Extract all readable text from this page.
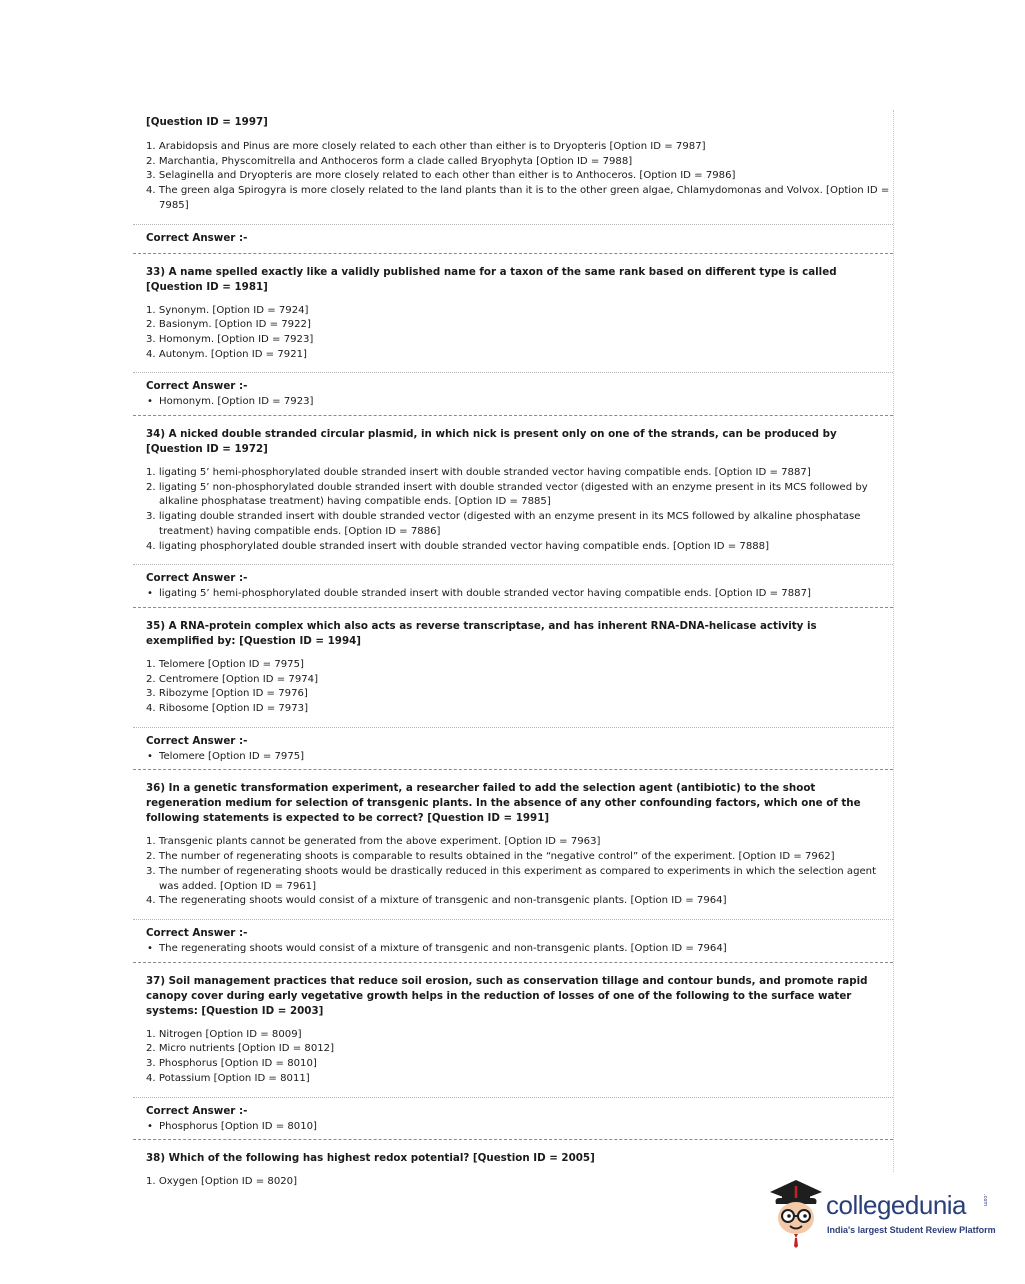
[Question ID = 1997]

1. Arabidopsis and Pinus are more closely related to each other than either is to Dryopteris [Option ID = 7987]
2. Marchantia, Physcomitrella and Anthoceros form a clade called Bryophyta [Option ID = 7988]
3. Selaginella and Dryopteris are more closely related to each other than either is to Anthoceros. [Option ID = 7986]
4. The green alga Spirogyra is more closely related to the land plants than it is to the other green algae, Chlamydomonas and Volvox. [Option ID = 7985]

Correct Answer :-

33) A name spelled exactly like a validly published name for a taxon of the same rank based on different type is called [Question ID = 1981]

1. Synonym. [Option ID = 7924]
2. Basionym. [Option ID = 7922]
3. Homonym. [Option ID = 7923]
4. Autonym. [Option ID = 7921]

Correct Answer :-

• Homonym. [Option ID = 7923]

34) A nicked double stranded circular plasmid, in which nick is present only on one of the strands, can be produced by [Question ID = 1972]

1. ligating 5’ hemi-phosphorylated double stranded insert with double stranded vector having compatible ends. [Option ID = 7887]
2. ligating 5’ non-phosphorylated double stranded insert with double stranded vector (digested with an enzyme present in its MCS followed by alkaline phosphatase treatment) having compatible ends. [Option ID = 7885]
3. ligating double stranded insert with double stranded vector (digested with an enzyme present in its MCS followed by alkaline phosphatase treatment) having compatible ends. [Option ID = 7886]
4. ligating phosphorylated double stranded insert with double stranded vector having compatible ends. [Option ID = 7888]

Correct Answer :-

• ligating 5’ hemi-phosphorylated double stranded insert with double stranded vector having compatible ends. [Option ID = 7887]

35) A RNA-protein complex which also acts as reverse transcriptase, and has inherent RNA-DNA-helicase activity is exemplified by: [Question ID = 1994]

1. Telomere [Option ID = 7975]
2. Centromere [Option ID = 7974]
3. Ribozyme [Option ID = 7976]
4. Ribosome [Option ID = 7973]

Correct Answer :-

• Telomere [Option ID = 7975]

36) In a genetic transformation experiment, a researcher failed to add the selection agent (antibiotic) to the shoot regeneration medium for selection of transgenic plants. In the absence of any other confounding factors, which one of the following statements is expected to be correct? [Question ID = 1991]

1. Transgenic plants cannot be generated from the above experiment. [Option ID = 7963]
2. The number of regenerating shoots is comparable to results obtained in the “negative control” of the experiment. [Option ID = 7962]
3. The number of regenerating shoots would be drastically reduced in this experiment as compared to experiments in which the selection agent was added. [Option ID = 7961]
4. The regenerating shoots would consist of a mixture of transgenic and non-transgenic plants. [Option ID = 7964]

Correct Answer :-

• The regenerating shoots would consist of a mixture of transgenic and non-transgenic plants. [Option ID = 7964]

37) Soil management practices that reduce soil erosion, such as conservation tillage and contour bunds, and promote rapid canopy cover during early vegetative growth helps in the reduction of losses of one of the following to the surface water systems: [Question ID = 2003]

1. Nitrogen [Option ID = 8009]
2. Micro nutrients [Option ID = 8012]
3. Phosphorus [Option ID = 8010]
4. Potassium [Option ID = 8011]

Correct Answer :-

• Phosphorus [Option ID = 8010]

38) Which of the following has highest redox potential? [Question ID = 2005]

1. Oxygen [Option ID = 8020]
collegedunia	.com
India's largest Student Review Platform
